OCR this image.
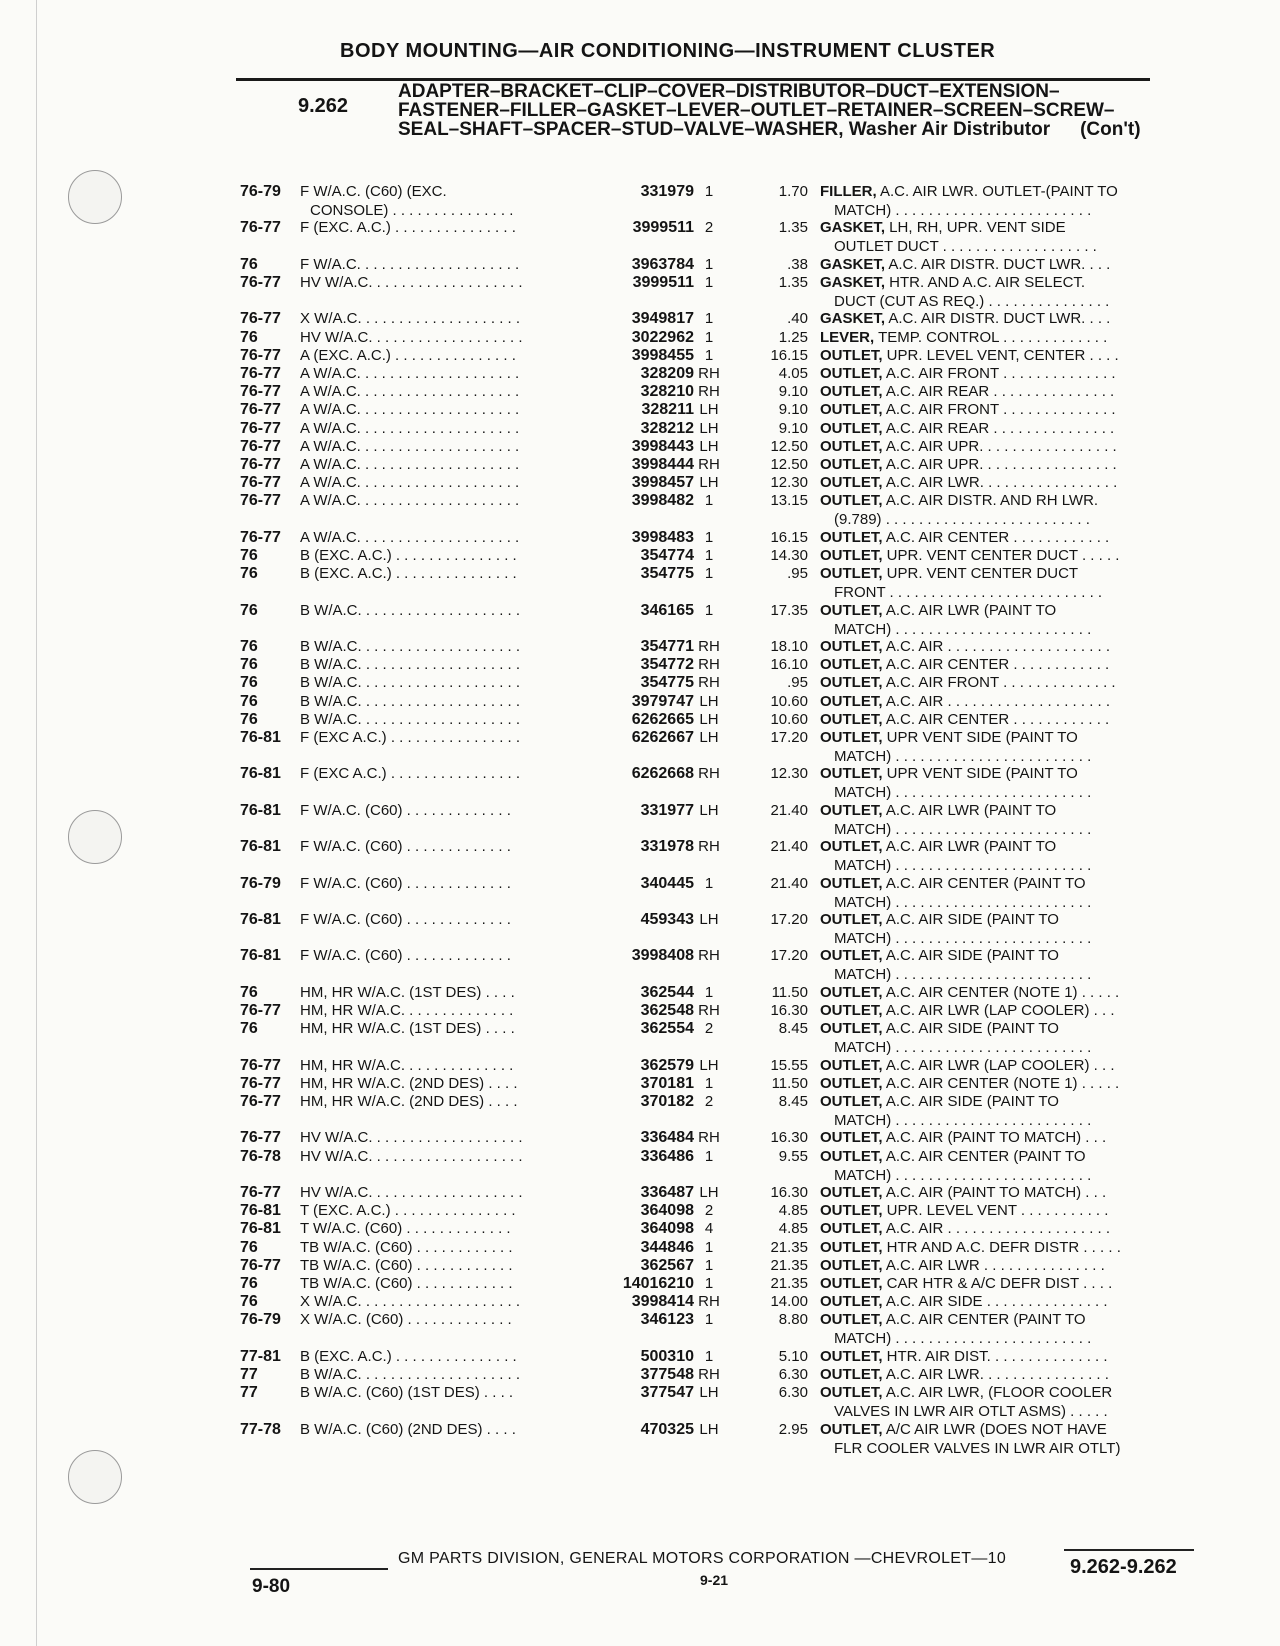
BODY MOUNTING—AIR CONDITIONING—INSTRUMENT CLUSTER
9.262
ADAPTER–BRACKET–CLIP–COVER–DISTRIBUTOR–DUCT–EXTENSION–FASTENER–FILLER–GASKET–LEVER–OUTLET–RETAINER–SCREEN–SCREW–SEAL–SHAFT–SPACER–STUD–VALVE–WASHER, Washer Air Distributor (Con't)
76-79 F W/A.C. (C60) (EXC.	331979 1	1.70
CONSOLE) . . . . . . . . . . . . . . .
FILLER, A.C. AIR LWR. OUTLET-(PAINT TO
MATCH) . . . . . . . . . . . . . . . . . . . . . . . .
76-77 F (EXC. A.C.) . . . . . . . . . . . . . . .	3999511 2	1.35 GASKET, LH, RH, UPR. VENT SIDE
OUTLET DUCT . . . . . . . . . . . . . . . . . . .
76	F W/A.C. . . . . . . . . . . . . . . . . . . .	3963784 1	.38 GASKET, A.C. AIR DISTR. DUCT LWR. . . .
76-77 HV W/A.C. . . . . . . . . . . . . . . . . . .	3999511 1	1.35 GASKET, HTR. AND A.C. AIR SELECT.
DUCT (CUT AS REQ.) . . . . . . . . . . . . . . .
76-77 X W/A.C. . . . . . . . . . . . . . . . . . . .	3949817 1	.40 GASKET, A.C. AIR DISTR. DUCT LWR. . . .
76	HV W/A.C. . . . . . . . . . . . . . . . . . .	3022962 1	1.25 LEVER, TEMP. CONTROL . . . . . . . . . . . . .
76-77 A (EXC. A.C.) . . . . . . . . . . . . . . .	3998455 1	16.15 OUTLET, UPR. LEVEL VENT, CENTER . . . .
76-77 A W/A.C. . . . . . . . . . . . . . . . . . . .	328209 RH	4.05 OUTLET, A.C. AIR FRONT . . . . . . . . . . . . . .
76-77 A W/A.C. . . . . . . . . . . . . . . . . . . .	328210 RH	9.10 OUTLET, A.C. AIR REAR . . . . . . . . . . . . . . .
76-77 A W/A.C. . . . . . . . . . . . . . . . . . . .	328211 LH	9.10 OUTLET, A.C. AIR FRONT . . . . . . . . . . . . . .
76-77 A W/A.C. . . . . . . . . . . . . . . . . . . .	328212 LH	9.10 OUTLET, A.C. AIR REAR . . . . . . . . . . . . . . .
76-77 A W/A.C. . . . . . . . . . . . . . . . . . . .	3998443 LH	12.50 OUTLET, A.C. AIR UPR. . . . . . . . . . . . . . . . .
76-77 A W/A.C. . . . . . . . . . . . . . . . . . . .	3998444 RH	12.50 OUTLET, A.C. AIR UPR. . . . . . . . . . . . . . . . .
76-77 A W/A.C. . . . . . . . . . . . . . . . . . . .	3998457 LH	12.30 OUTLET, A.C. AIR LWR. . . . . . . . . . . . . . . . .
76-77 A W/A.C. . . . . . . . . . . . . . . . . . . .	3998482 1	13.15 OUTLET, A.C. AIR DISTR. AND RH LWR.
(9.789) . . . . . . . . . . . . . . . . . . . . . . . . .
76-77 A W/A.C. . . . . . . . . . . . . . . . . . . .	3998483 1	16.15 OUTLET, A.C. AIR CENTER . . . . . . . . . . . .
76	B (EXC. A.C.) . . . . . . . . . . . . . . .	354774 1	14.30 OUTLET, UPR. VENT CENTER DUCT . . . . .
76	B (EXC. A.C.) . . . . . . . . . . . . . . .	354775 1	.95 OUTLET, UPR. VENT CENTER DUCT
FRONT . . . . . . . . . . . . . . . . . . . . . . . . . .
76	B W/A.C. . . . . . . . . . . . . . . . . . . .	346165 1	17.35 OUTLET, A.C. AIR LWR (PAINT TO
MATCH) . . . . . . . . . . . . . . . . . . . . . . . .
76	B W/A.C. . . . . . . . . . . . . . . . . . . .	354771 RH	18.10 OUTLET, A.C. AIR . . . . . . . . . . . . . . . . . . . .
76	B W/A.C. . . . . . . . . . . . . . . . . . . .	354772 RH	16.10 OUTLET, A.C. AIR CENTER . . . . . . . . . . . .
76	B W/A.C. . . . . . . . . . . . . . . . . . . .	354775 RH	.95 OUTLET, A.C. AIR FRONT . . . . . . . . . . . . . .
76	B W/A.C. . . . . . . . . . . . . . . . . . . .	3979747 LH	10.60 OUTLET, A.C. AIR . . . . . . . . . . . . . . . . . . . .
76	B W/A.C. . . . . . . . . . . . . . . . . . . .	6262665 LH	10.60 OUTLET, A.C. AIR CENTER . . . . . . . . . . . .
76-81 F (EXC A.C.) . . . . . . . . . . . . . . . .	6262667 LH	17.20 OUTLET, UPR VENT SIDE (PAINT TO
MATCH) . . . . . . . . . . . . . . . . . . . . . . . .
76-81 F (EXC A.C.) . . . . . . . . . . . . . . . .	6262668 RH	12.30 OUTLET, UPR VENT SIDE (PAINT TO
MATCH) . . . . . . . . . . . . . . . . . . . . . . . .
76-81 F W/A.C. (C60) . . . . . . . . . . . . .	331977 LH	21.40 OUTLET, A.C. AIR LWR (PAINT TO
MATCH) . . . . . . . . . . . . . . . . . . . . . . . .
76-81 F W/A.C. (C60) . . . . . . . . . . . . .	331978 RH	21.40 OUTLET, A.C. AIR LWR (PAINT TO
MATCH) . . . . . . . . . . . . . . . . . . . . . . . .
76-79 F W/A.C. (C60) . . . . . . . . . . . . .	340445 1	21.40 OUTLET, A.C. AIR CENTER (PAINT TO
MATCH) . . . . . . . . . . . . . . . . . . . . . . . .
76-81 F W/A.C. (C60) . . . . . . . . . . . . .	459343 LH	17.20 OUTLET, A.C. AIR SIDE (PAINT TO
MATCH) . . . . . . . . . . . . . . . . . . . . . . . .
76-81 F W/A.C. (C60) . . . . . . . . . . . . .	3998408 RH	17.20 OUTLET, A.C. AIR SIDE (PAINT TO
MATCH) . . . . . . . . . . . . . . . . . . . . . . . .
76	HM, HR W/A.C. (1ST DES) . . . .	362544 1	11.50 OUTLET, A.C. AIR CENTER (NOTE 1) . . . . .
76-77 HM, HR W/A.C. . . . . . . . . . . . . .	362548 RH	16.30 OUTLET, A.C. AIR LWR (LAP COOLER) . . .
76	HM, HR W/A.C. (1ST DES) . . . .	362554 2	8.45 OUTLET, A.C. AIR SIDE (PAINT TO
MATCH) . . . . . . . . . . . . . . . . . . . . . . . .
76-77 HM, HR W/A.C. . . . . . . . . . . . . .	362579 LH	15.55 OUTLET, A.C. AIR LWR (LAP COOLER) . . .
76-77 HM, HR W/A.C. (2ND DES) . . . .	370181 1	11.50 OUTLET, A.C. AIR CENTER (NOTE 1) . . . . .
76-77 HM, HR W/A.C. (2ND DES) . . . .	370182 2	8.45 OUTLET, A.C. AIR SIDE (PAINT TO
MATCH) . . . . . . . . . . . . . . . . . . . . . . . .
76-77 HV W/A.C. . . . . . . . . . . . . . . . . . .	336484 RH	16.30 OUTLET, A.C. AIR (PAINT TO MATCH) . . .
76-78 HV W/A.C. . . . . . . . . . . . . . . . . . .	336486 1	9.55 OUTLET, A.C. AIR CENTER (PAINT TO
MATCH) . . . . . . . . . . . . . . . . . . . . . . . .
76-77 HV W/A.C. . . . . . . . . . . . . . . . . . .	336487 LH	16.30 OUTLET, A.C. AIR (PAINT TO MATCH) . . .
76-81 T (EXC. A.C.) . . . . . . . . . . . . . . .	364098 2	4.85 OUTLET, UPR. LEVEL VENT . . . . . . . . . . .
76-81 T W/A.C. (C60) . . . . . . . . . . . . .	364098 4	4.85 OUTLET, A.C. AIR . . . . . . . . . . . . . . . . . . . .
76	TB W/A.C. (C60) . . . . . . . . . . . .	344846 1	21.35 OUTLET, HTR AND A.C. DEFR DISTR . . . . .
76-77 TB W/A.C. (C60) . . . . . . . . . . . .	362567 1	21.35 OUTLET, A.C. AIR LWR . . . . . . . . . . . . . . .
76	TB W/A.C. (C60) . . . . . . . . . . . .	14016210 1	21.35 OUTLET, CAR HTR & A/C DEFR DIST . . . .
76	X W/A.C. . . . . . . . . . . . . . . . . . . .	3998414 RH	14.00 OUTLET, A.C. AIR SIDE . . . . . . . . . . . . . . .
76-79 X W/A.C. (C60) . . . . . . . . . . . . .	346123 1	8.80 OUTLET, A.C. AIR CENTER (PAINT TO
MATCH) . . . . . . . . . . . . . . . . . . . . . . . .
77-81 B (EXC. A.C.) . . . . . . . . . . . . . . .	500310 1	5.10 OUTLET, HTR. AIR DIST. . . . . . . . . . . . . . .
77	B W/A.C. . . . . . . . . . . . . . . . . . . .	377548 RH	6.30 OUTLET, A.C. AIR LWR. . . . . . . . . . . . . . . .
77	B W/A.C. (C60) (1ST DES) . . . .	377547 LH	6.30 OUTLET, A.C. AIR LWR, (FLOOR COOLER
VALVES IN LWR AIR OTLT ASMS) . . . . .
77-78 B W/A.C. (C60) (2ND DES) . . . .	470325 LH	2.95 OUTLET, A/C AIR LWR (DOES NOT HAVE
FLR COOLER VALVES IN LWR AIR OTLT)
GM PARTS DIVISION, GENERAL MOTORS CORPORATION —CHEVROLET—10
9-21
9-80
9.262-9.262
